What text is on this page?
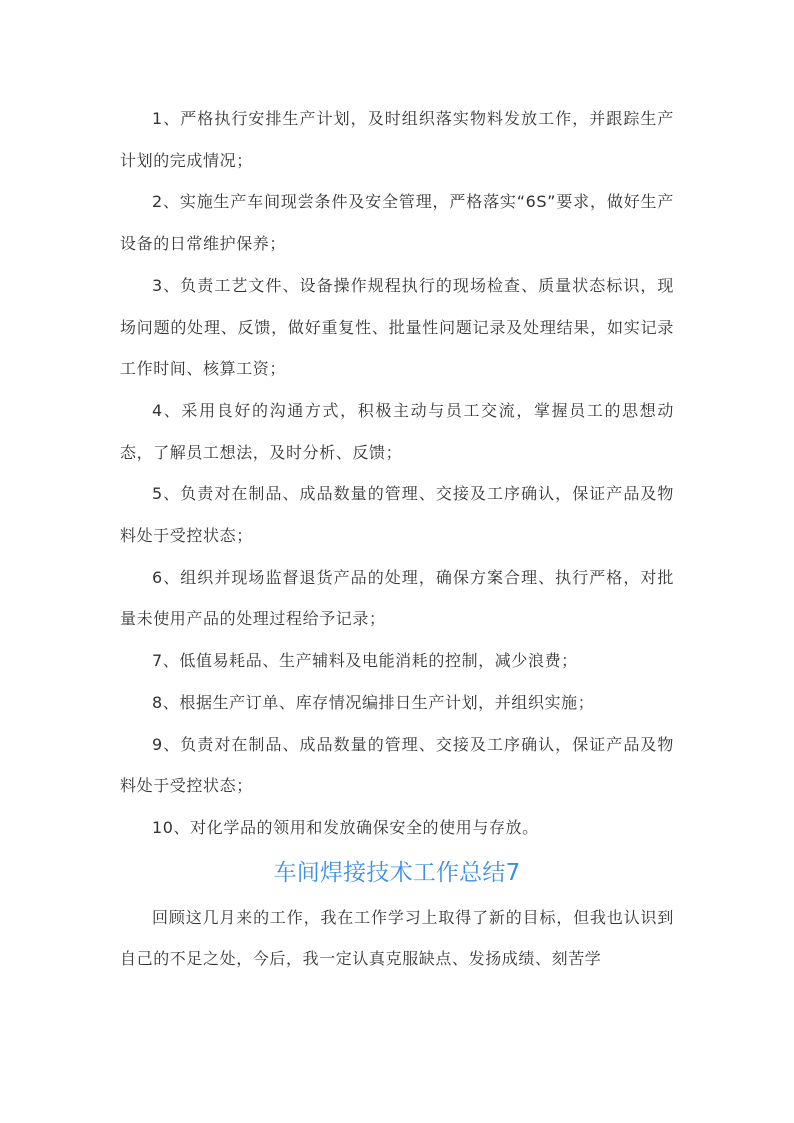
1、严格执行安排生产计划，及时组织落实物料发放工作，并跟踪生产计划的完成情况；

2、实施生产车间现尝条件及安全管理，严格落实“6S”要求，做好生产设备的日常维护保养；

3、负责工艺文件、设备操作规程执行的现场检查、质量状态标识，现场问题的处理、反馈，做好重复性、批量性问题记录及处理结果，如实记录工作时间、核算工资；

4、采用良好的沟通方式，积极主动与员工交流，掌握员工的思想动态，了解员工想法，及时分析、反馈；

5、负责对在制品、成品数量的管理、交接及工序确认，保证产品及物料处于受控状态；

6、组织并现场监督退货产品的处理，确保方案合理、执行严格，对批量未使用产品的处理过程给予记录；

7、低值易耗品、生产辅料及电能消耗的控制，减少浪费；

8、根据生产订单、库存情况编排日生产计划，并组织实施；

9、负责对在制品、成品数量的管理、交接及工序确认，保证产品及物料处于受控状态；

10、对化学品的领用和发放确保安全的使用与存放。

车间焊接技术工作总结7

回顾这几月来的工作，我在工作学习上取得了新的目标，但我也认识到自己的不足之处，今后，我一定认真克服缺点、发扬成绩、刻苦学
